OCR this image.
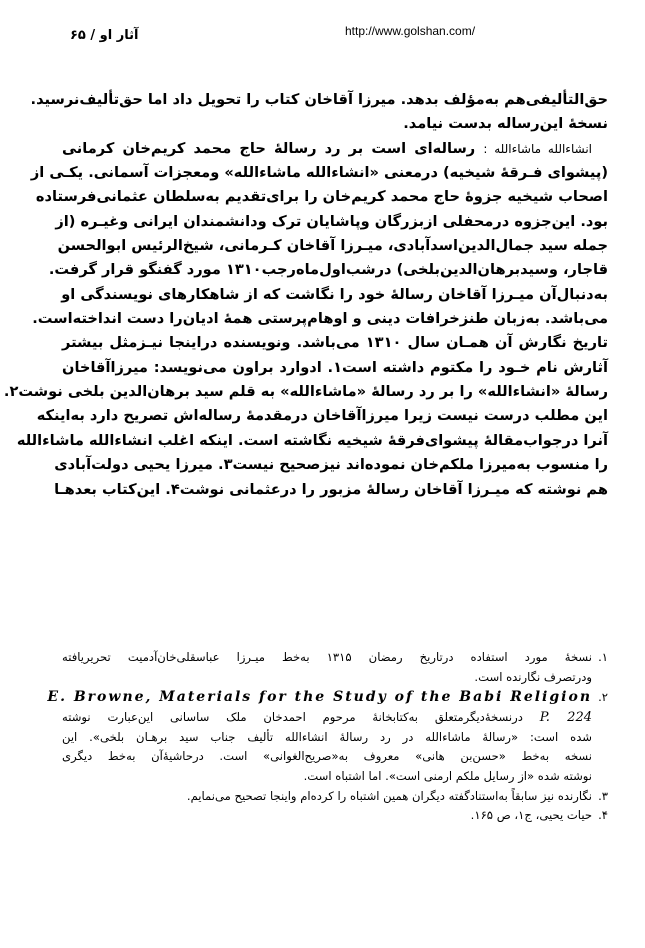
آثار او / ۶۵	http://www.golshan.com/
حق‌التألیفی‌هم به‌مؤلف بدهد. میرزا آقاخان کتاب را تحویل داد اما حق‌تألیف‌نرسید.
نسخهٔ این‌رساله بدست نیامد.
انشاءالله ماشاءالله : رساله‌ای است بر رد رسالهٔ حاج محمد کریم‌خان کرمانی
(پیشوای فـرقهٔ شیخیه) درمعنی «انشاءالله ماشاءالله» ومعجزات آسمانی. یکـی از
اصحاب شیخیه جزوهٔ حاج محمد کریم‌خان را برای‌تقدیم به‌سلطان عثمانی‌فرستاده
بود. این‌جزوه درمحفلی ازبزرگان وپاشایان ترک ودانشمندان ایرانی وغیـره (از
جمله سید جمال‌الدین‌اسدآبادی، میـرزا آقاخان کـرمانی، شیخ‌الرئیس ابوالحسن
قاجار، وسیدبرهان‌الدین‌بلخی) درشب‌اول‌ماه‌رجب۱۳۱۰ مورد گفنگو قرار گرفت.
به‌دنبال‌آن میـرزا آقاخان رسالهٔ خود را نگاشت که از شاهکارهای نویسندگی او
می‌باشد. به‌زبان طنزخرافات دینی و اوهام‌پرستی همهٔ ادیان‌را دست انداخته‌است.
تاریخ نگارش آن همـان سال ۱۳۱۰ می‌باشد. ونویسنده دراینجا نیـزمثل بیشتر
آثارش نام خـود را مکتوم داشته است۱. ادوارد براون می‌نویسد: میرزاآقاخان
رسالهٔ «انشاءالله» را بر رد رسالهٔ «ماشاءالله» به قلم سید برهان‌الدین بلخی نوشت۲.
این مطلب درست نیست زیرا میرزاآقاخان درمقدمهٔ رساله‌اش تصریح دارد به‌اینکه
آنرا درجواب‌مقالهٔ پیشوای‌فرقهٔ شیخیه نگاشته است. اینکه اغلب انشاءالله ماشاءالله
را منسوب به‌میرزا ملکم‌خان نموده‌اند نیزصحیح نیست۳. میرزا یحیی دولت‌آبادی
هم نوشته که میـرزا آقاخان رسالهٔ مزبور را درعثمانی نوشت۴. این‌کتاب بعدهـا
۱.نسخهٔ مورد استفاده درتاریخ رمضان ۱۳۱۵ به‌خط میـرزا عباسقلی‌خان‌آدمیت تحریریافته
ودرتصرف نگارنده است.
۲.E. Browne, Materials for the Study of the Babi Religion
P. 224 درنسخهٔ‌دیگرمتعلق به‌کتابخانهٔ مرحوم احمدخان ملک ساسانی این‌عبارت نوشته
شده است: «رسالهٔ ماشاءالله در رد رسالهٔ انشاءالله تألیف جناب سید برهـان بلخی». این
نسخه به‌خط «حسن‌بن هانی» معروف به«صریح‌الغوانی» است. درحاشیهٔ‌آن به‌خط دیگری
نوشته شده «از رسایل ملکم ارمنی است». اما اشتباه است.
۳.نگارنده نیز سابقاً به‌استنادگفته دیگران همین اشتباه را کرده‌ام واینجا تصحیح می‌نمایم.
۴.حیات یحیی، ج۱، ص ۱۶۵.
